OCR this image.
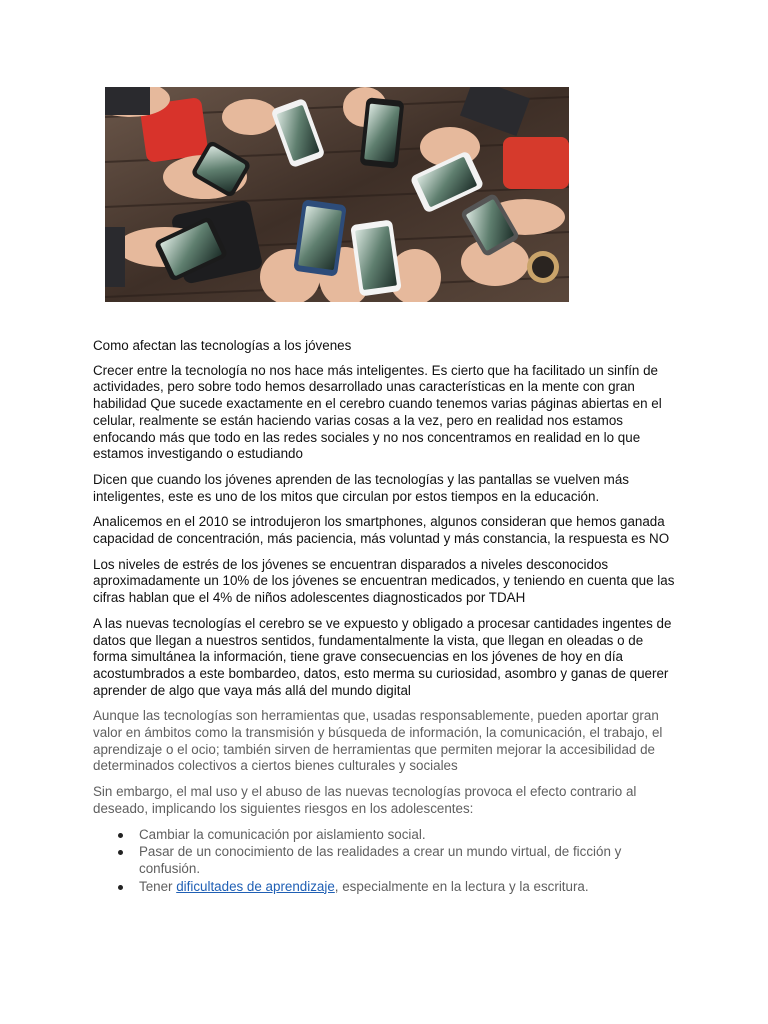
Como afectan las tecnologías a los jóvenes

Crecer entre la tecnología no nos hace más inteligentes. Es cierto que ha facilitado un sinfín de actividades, pero sobre todo hemos desarrollado unas características en la mente con gran habilidad Que sucede exactamente en el cerebro cuando tenemos varias páginas abiertas en el celular, realmente se están haciendo varias cosas a la vez, pero en realidad nos estamos enfocando más que todo en las redes sociales y no nos concentramos en realidad en lo que estamos investigando o estudiando

Dicen que cuando los jóvenes aprenden de las tecnologías y las pantallas se vuelven más inteligentes, este es uno de los mitos que circulan por estos tiempos en la educación.

Analicemos en el 2010 se introdujeron los smartphones, algunos consideran que hemos ganada capacidad de concentración, más paciencia, más voluntad y más constancia, la respuesta es NO

Los niveles de estrés de los jóvenes se encuentran disparados a niveles desconocidos aproximadamente un 10% de los jóvenes se encuentran medicados, y teniendo en cuenta que las cifras hablan que el 4% de niños adolescentes diagnosticados por TDAH

A las nuevas tecnologías el cerebro se ve expuesto y obligado a procesar cantidades ingentes de datos que llegan a nuestros sentidos, fundamentalmente la vista, que llegan en oleadas o de forma simultánea la información, tiene grave consecuencias en los jóvenes de hoy en día acostumbrados a este bombardeo, datos, esto merma su curiosidad, asombro y ganas de querer aprender de algo que vaya más allá del mundo digital

Aunque las tecnologías son herramientas que, usadas responsablemente, pueden aportar gran valor en ámbitos como la transmisión y búsqueda de información, la comunicación, el trabajo, el aprendizaje o el ocio; también sirven de herramientas que permiten mejorar la accesibilidad de determinados colectivos a ciertos bienes culturales y sociales

Sin embargo, el mal uso y el abuso de las nuevas tecnologías provoca el efecto contrario al deseado, implicando los siguientes riesgos en los adolescentes:

Cambiar la comunicación por aislamiento social.
Pasar de un conocimiento de las realidades a crear un mundo virtual, de ficción y confusión.
Tener dificultades de aprendizaje, especialmente en la lectura y la escritura.
